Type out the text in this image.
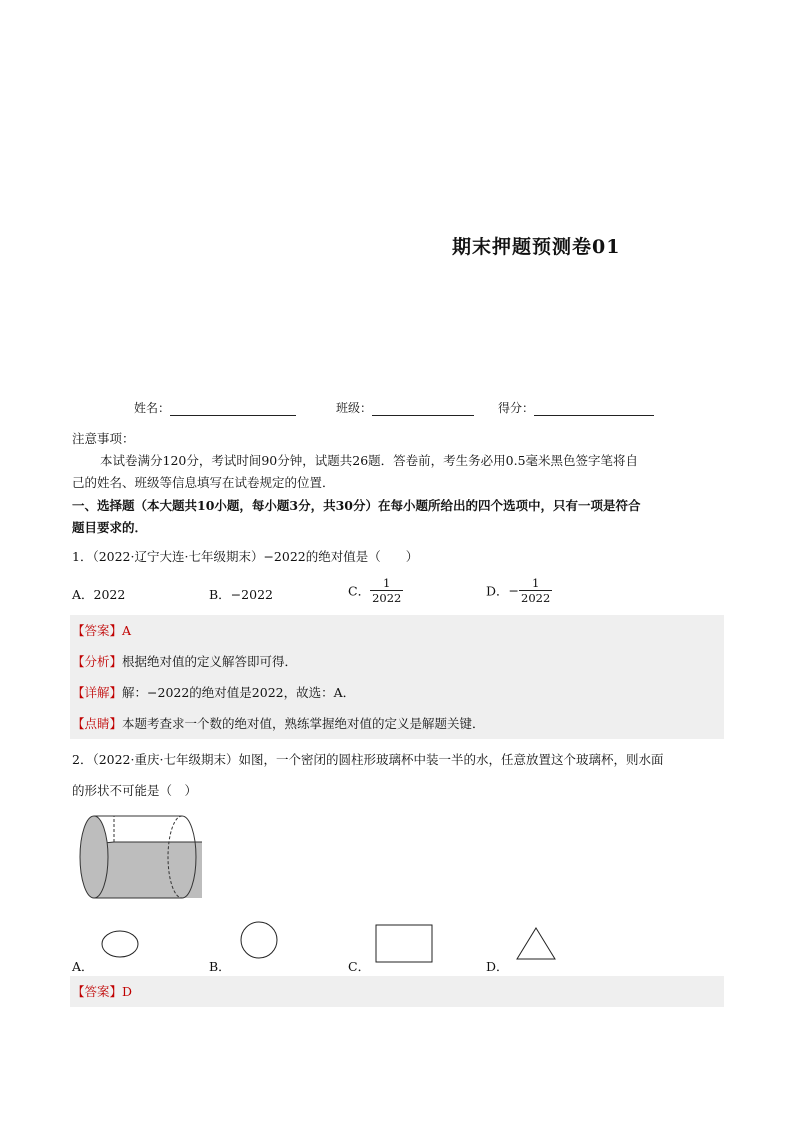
期末押题预测卷01
姓名：	班级：	得分：
注意事项：
本试卷满分120分，考试时间90分钟，试题共26题．答卷前，考生务必用0.5毫米黑色签字笔将自
己的姓名、班级等信息填写在试卷规定的位置．
一、选择题（本大题共10小题，每小题3分，共30分）在每小题所给出的四个选项中，只有一项是符合
题目要求的．
1．（2022·辽宁大连·七年级期末）−2022的绝对值是（　　）
A．2022	B．−2022	C． $\frac{1}{2022}$	D．− $\frac{1}{2022}$
【答案】A
【分析】根据绝对值的定义解答即可得．
【详解】解：−2022的绝对值是2022，故选：A．
【点睛】本题考查求一个数的绝对值，熟练掌握绝对值的定义是解题关键．
2．（2022·重庆·七年级期末）如图，一个密闭的圆柱形玻璃杯中装一半的水，任意放置这个玻璃杯，则水面
的形状不可能是（　）
A．	B．	C．	D．
【答案】D
